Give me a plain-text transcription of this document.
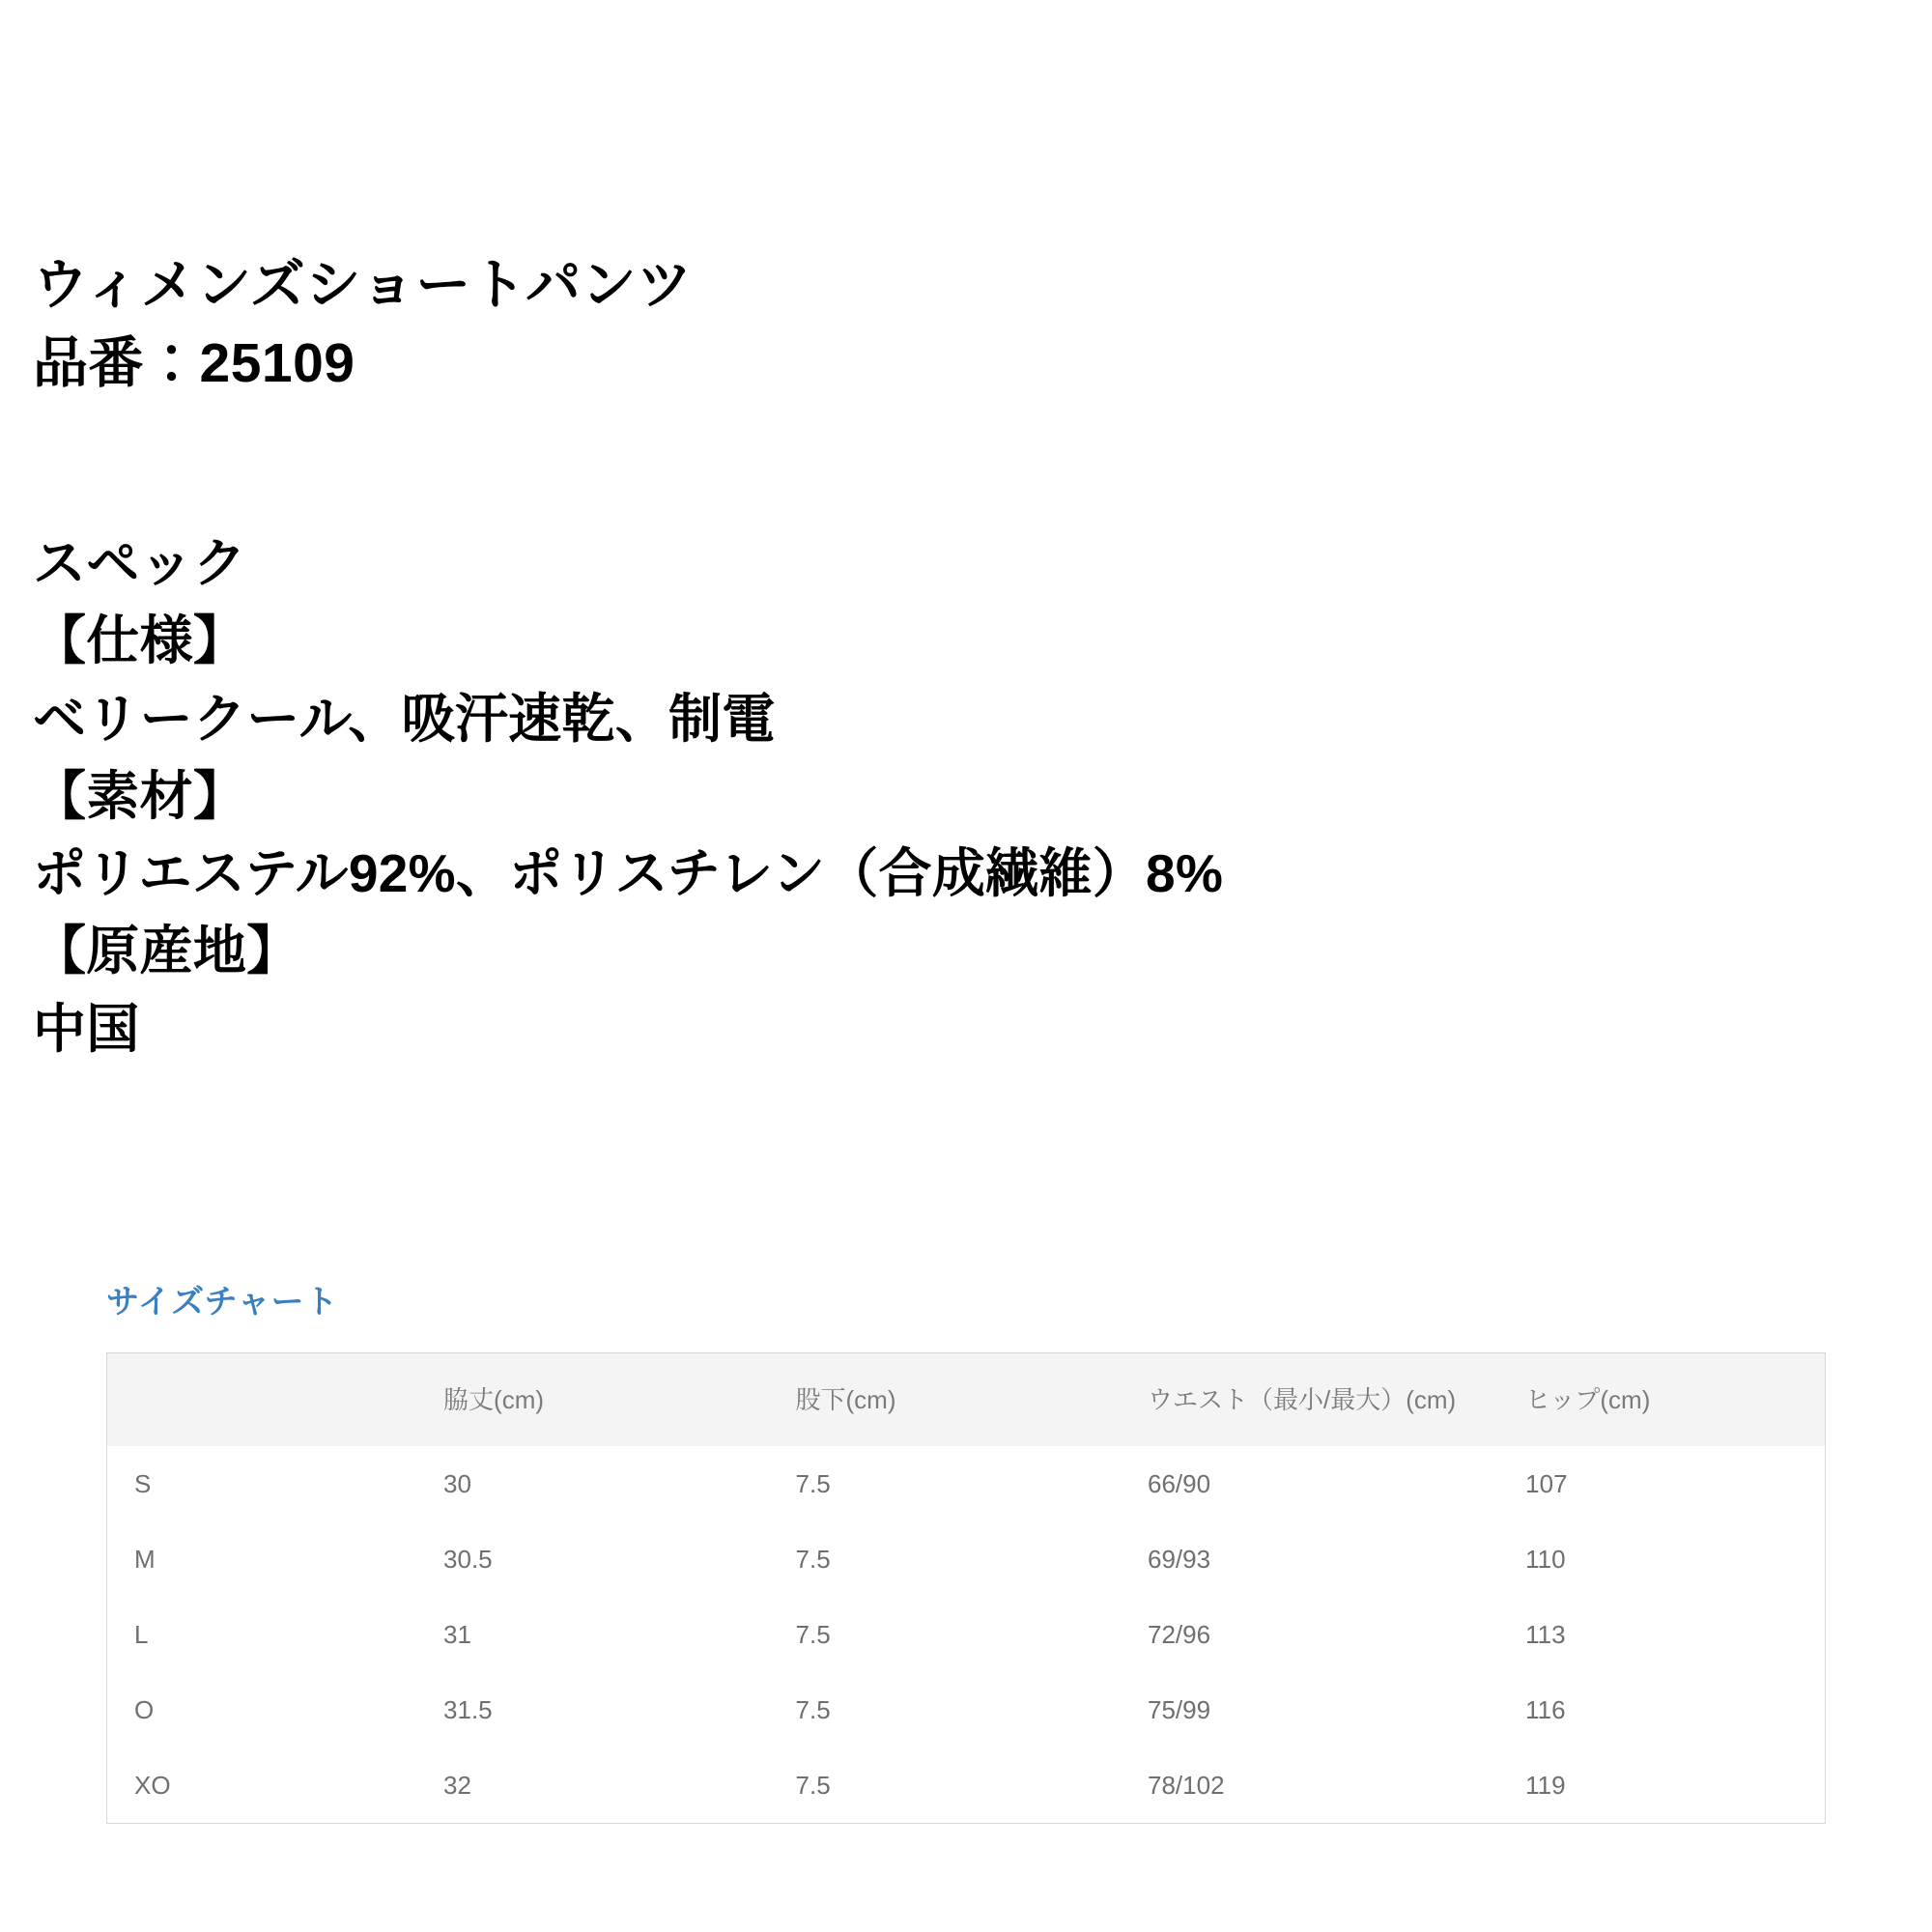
ウィメンズショートパンツ
品番：25109
スペック
【仕様】
ベリークール、吸汗速乾、制電
【素材】
ポリエステル92%、ポリスチレン（合成繊維）8%
【原産地】
中国
サイズチャート

	脇丈(cm)	股下(cm)	ウエスト（最小/最大）(cm)	ヒップ(cm)

S	30	7.5	66/90	107
M	30.5	7.5	69/93	110
L	31	7.5	72/96	113
O	31.5	7.5	75/99	116
XO	32	7.5	78/102	119
